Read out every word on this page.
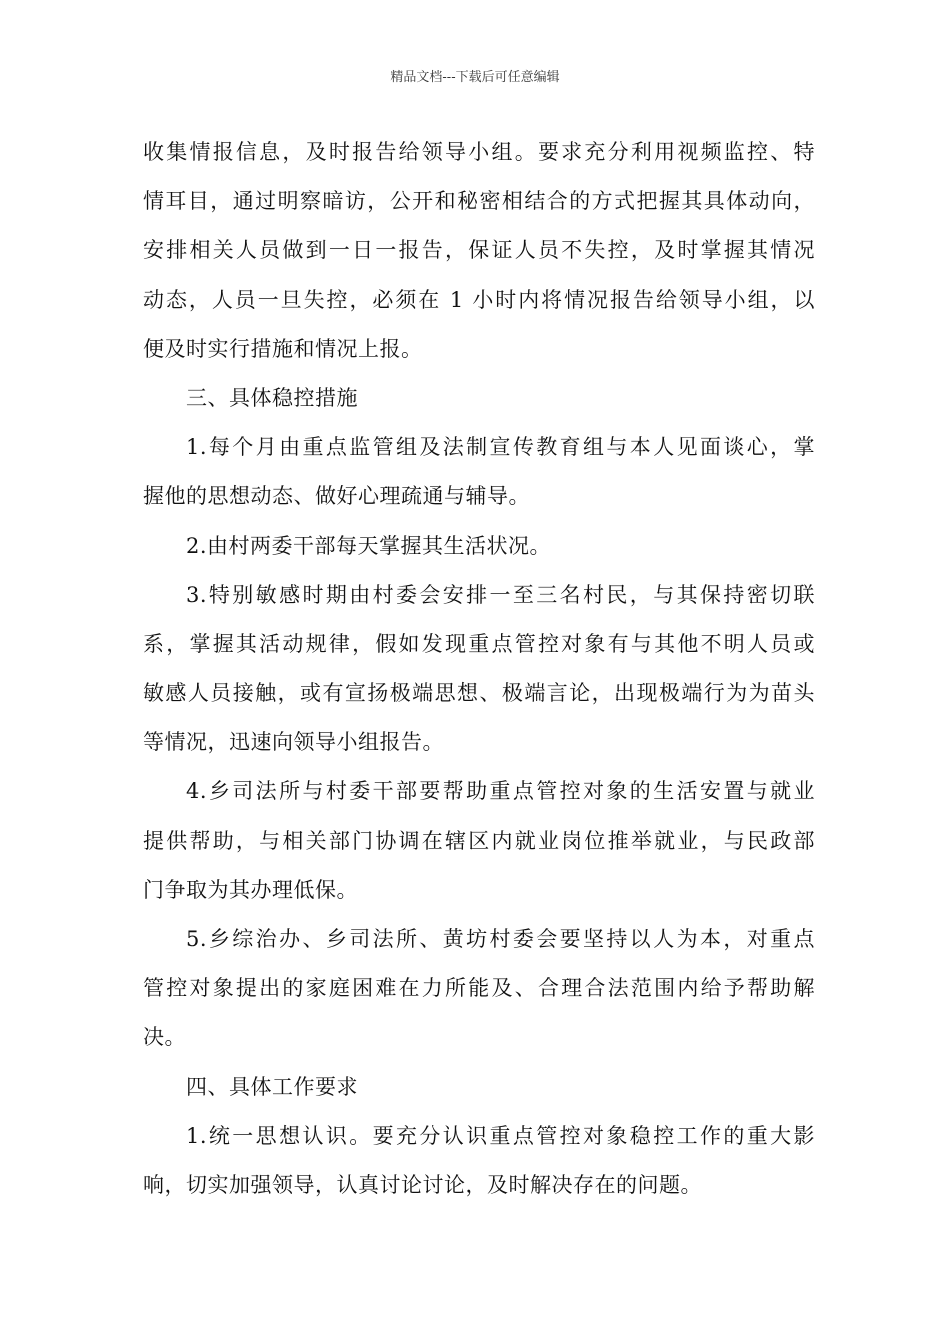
精品文档---下载后可任意编辑
收集情报信息，及时报告给领导小组。要求充分利用视频监控、特
情耳目，通过明察暗访，公开和秘密相结合的方式把握其具体动向，
安排相关人员做到一日一报告，保证人员不失控，及时掌握其情况
动态，人员一旦失控，必须在 1 小时内将情况报告给领导小组，以
便及时实行措施和情况上报。
三、具体稳控措施
1.每个月由重点监管组及法制宣传教育组与本人见面谈心，掌
握他的思想动态、做好心理疏通与辅导。
2.由村两委干部每天掌握其生活状况。
3.特别敏感时期由村委会安排一至三名村民，与其保持密切联
系，掌握其活动规律，假如发现重点管控对象有与其他不明人员或
敏感人员接触，或有宣扬极端思想、极端言论，出现极端行为为苗头
等情况，迅速向领导小组报告。
4.乡司法所与村委干部要帮助重点管控对象的生活安置与就业
提供帮助，与相关部门协调在辖区内就业岗位推举就业，与民政部
门争取为其办理低保。
5.乡综治办、乡司法所、黄坊村委会要坚持以人为本，对重点
管控对象提出的家庭困难在力所能及、合理合法范围内给予帮助解
决。
四、具体工作要求
1.统一思想认识。要充分认识重点管控对象稳控工作的重大影
响，切实加强领导，认真讨论讨论，及时解决存在的问题。
